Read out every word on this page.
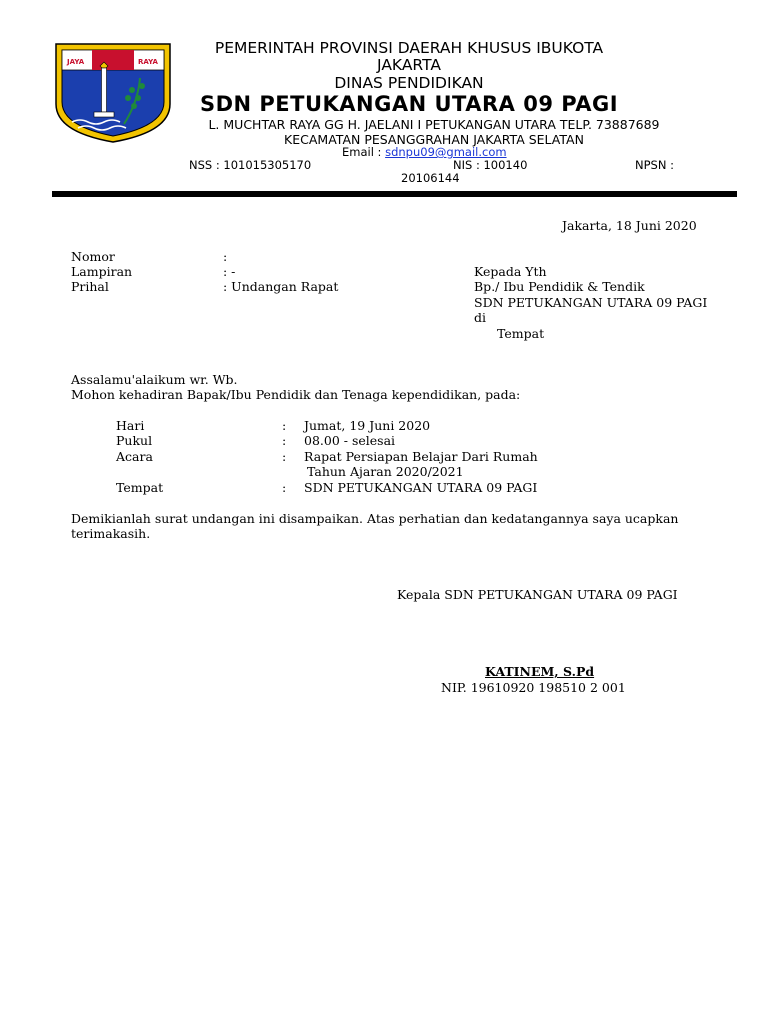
JAYA	RAYA
PEMERINTAH PROVINSI DAERAH KHUSUS IBUKOTA
JAKARTA
DINAS PENDIDIKAN
SDN PETUKANGAN UTARA 09 PAGI
L. MUCHTAR RAYA GG H. JAELANI I PETUKANGAN UTARA TELP. 73887689
KECAMATAN PESANGGRAHAN JAKARTA SELATAN
Email : sdnpu09@gmail.com
NSS : 101015305170	NIS : 100140	NPSN :
20106144
Jakarta, 18 Juni 2020
Nomor	:
Lampiran	: -
Prihal	: Undangan Rapat
Kepada Yth
Bp./ Ibu Pendidik & Tendik
SDN PETUKANGAN UTARA 09 PAGI
di
Tempat
Assalamu'alaikum wr. Wb.
Mohon kehadiran Bapak/Ibu Pendidik dan Tenaga kependidikan, pada:
Hari	: Jumat, 19 Juni 2020
Pukul	: 08.00 - selesai
Acara	: Rapat Persiapan Belajar Dari Rumah
Tahun Ajaran 2020/2021
Tempat	: SDN PETUKANGAN UTARA 09 PAGI
Demikianlah surat undangan ini disampaikan. Atas perhatian dan kedatangannya saya ucapkan
terimakasih.
Kepala SDN PETUKANGAN UTARA 09 PAGI
KATINEM, S.Pd
NIP. 19610920 198510 2 001
